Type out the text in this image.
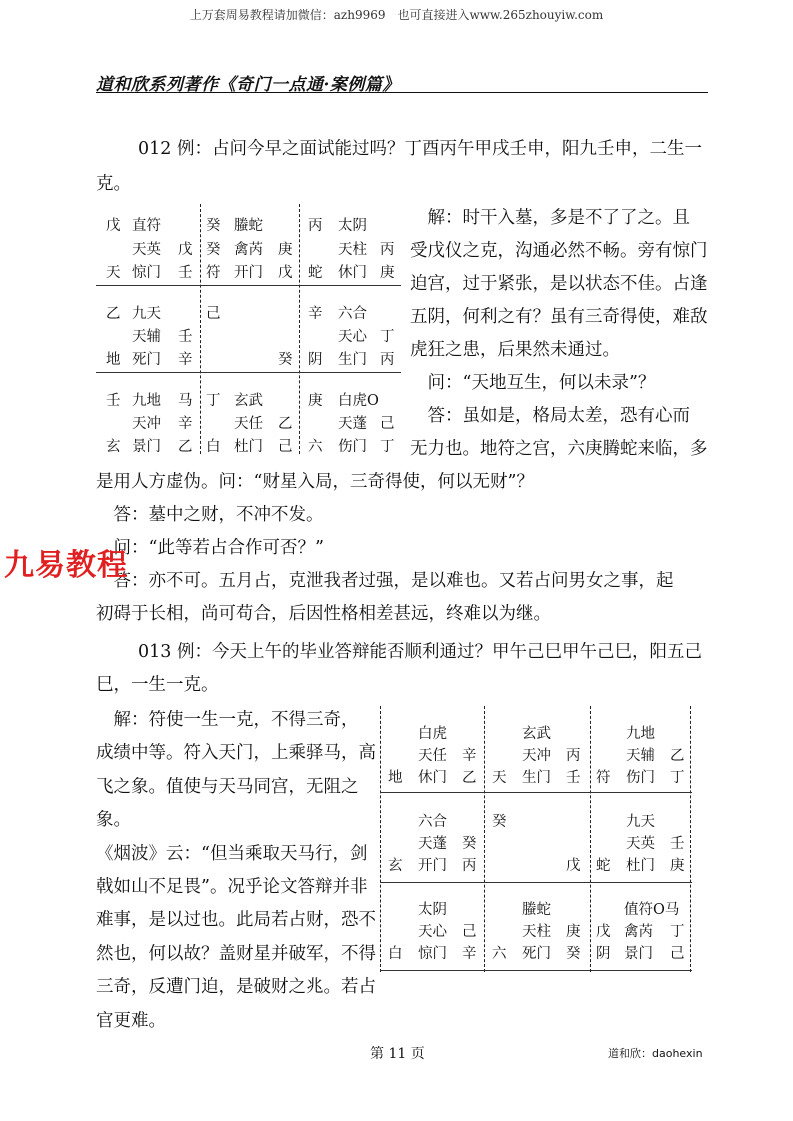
上万套周易教程请加微信：azh9969　也可直接进入www.265zhouyiw.com
道和欣系列著作《奇门一点通·案例篇》
012 例：占问今早之面试能过吗？丁酉丙午甲戌壬申，阳九壬申，二生一
克。
戊 直符
天英 戊
天 惊门 壬
癸 螣蛇
癸 禽芮 庚
符 开门 戊
丙 太阴
天柱 丙
蛇 休门 庚
乙 九天
天辅 壬
地 死门 辛
己
癸
辛 六合
天心 丁
阴 生门 丙
壬 九地 马
天冲 辛
玄 景门 乙
丁 玄武
天任 乙
白 杜门 己
庚 白虎O
天蓬 己
六 伤门 丁
　解：时干入墓，多是不了了之。且
受戊仪之克，沟通必然不畅。旁有惊门
迫宫，过于紧张，是以状态不佳。占逢
五阴，何利之有？虽有三奇得使，难敌
虎狂之患，后果然未通过。
　问：“天地互生，何以未录”？
　答：虽如是，格局太差，恐有心而
无力也。地符之宫，六庚腾蛇来临，多
是用人方虚伪。问：“财星入局，三奇得使，何以无财”？
　答：墓中之财，不冲不发。
　问：“此等若占合作可否？”
　答：亦不可。五月占，克泄我者过强，是以难也。又若占问男女之事，起
初碍于长相，尚可苟合，后因性格相差甚远，终难以为继。
013 例：今天上午的毕业答辩能否顺利通过？甲午己巳甲午己巳，阳五己
巳，一生一克。
　解：符使一生一克，不得三奇，
成绩中等。符入天门，上乘驿马，高
飞之象。值使与天马同宫，无阻之象。
《烟波》云：“但当乘取天马行，剑
戟如山不足畏”。况乎论文答辩并非
难事，是以过也。此局若占财，恐不
然也，何以故？盖财星并破军，不得
三奇，反遭门迫，是破财之兆。若占
官更难。
白虎
天任 辛
地 休门 乙
玄武
天冲 丙
天 生门 壬
九地
天辅 乙
符 伤门 丁
六合
天蓬 癸
玄 开门 丙
癸
戊
九天
天英 壬
蛇 杜门 庚
太阴
天心 己
白 惊门 辛
螣蛇
天柱 庚
六 死门 癸
值符O马
戊 禽芮 丁
阴 景门 己
九易教程
第 11 页	道和欣：daohexin
